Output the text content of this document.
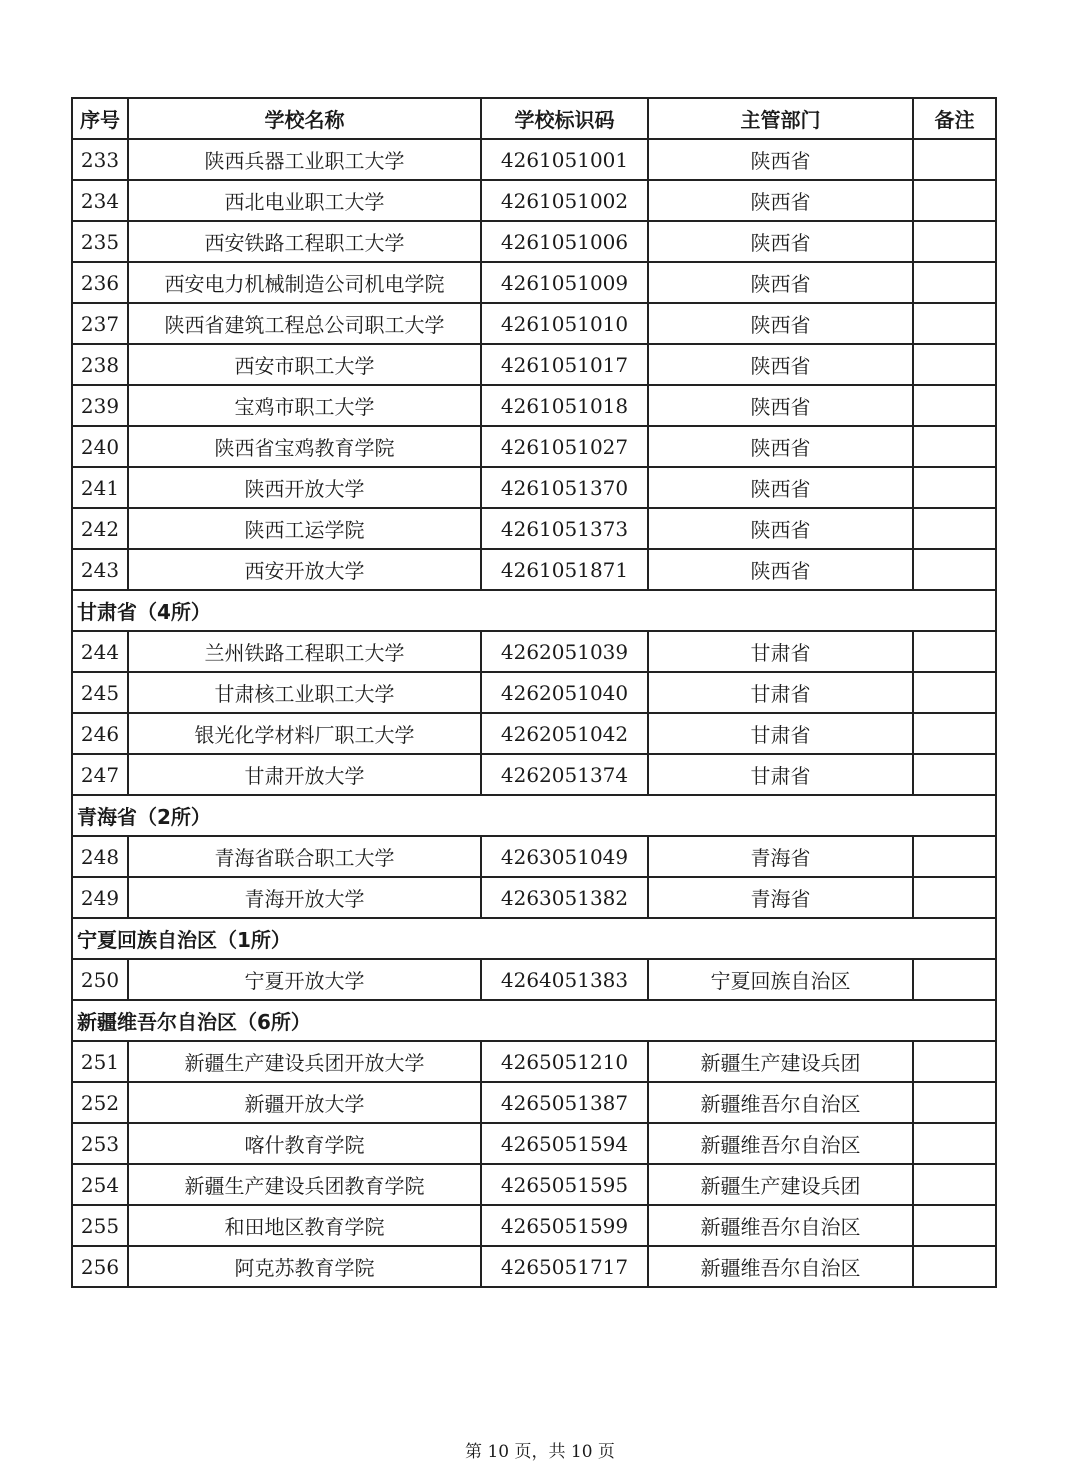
序号	学校名称	学校标识码	主管部门	备注
233	陕西兵器工业职工大学	4261051001	陕西省	
234	西北电业职工大学	4261051002	陕西省	
235	西安铁路工程职工大学	4261051006	陕西省	
236	西安电力机械制造公司机电学院	4261051009	陕西省	
237	陕西省建筑工程总公司职工大学	4261051010	陕西省	
238	西安市职工大学	4261051017	陕西省	
239	宝鸡市职工大学	4261051018	陕西省	
240	陕西省宝鸡教育学院	4261051027	陕西省	
241	陕西开放大学	4261051370	陕西省	
242	陕西工运学院	4261051373	陕西省	
243	西安开放大学	4261051871	陕西省	
甘肃省（4所）				
244	兰州铁路工程职工大学	4262051039	甘肃省	
245	甘肃核工业职工大学	4262051040	甘肃省	
246	银光化学材料厂职工大学	4262051042	甘肃省	
247	甘肃开放大学	4262051374	甘肃省	
青海省（2所）				
248	青海省联合职工大学	4263051049	青海省	
249	青海开放大学	4263051382	青海省	
宁夏回族自治区（1所）				
250	宁夏开放大学	4264051383	宁夏回族自治区	
新疆维吾尔自治区（6所）				
251	新疆生产建设兵团开放大学	4265051210	新疆生产建设兵团	
252	新疆开放大学	4265051387	新疆维吾尔自治区	
253	喀什教育学院	4265051594	新疆维吾尔自治区	
254	新疆生产建设兵团教育学院	4265051595	新疆生产建设兵团	
255	和田地区教育学院	4265051599	新疆维吾尔自治区	
256	阿克苏教育学院	4265051717	新疆维吾尔自治区	
第 10 页，共 10 页
